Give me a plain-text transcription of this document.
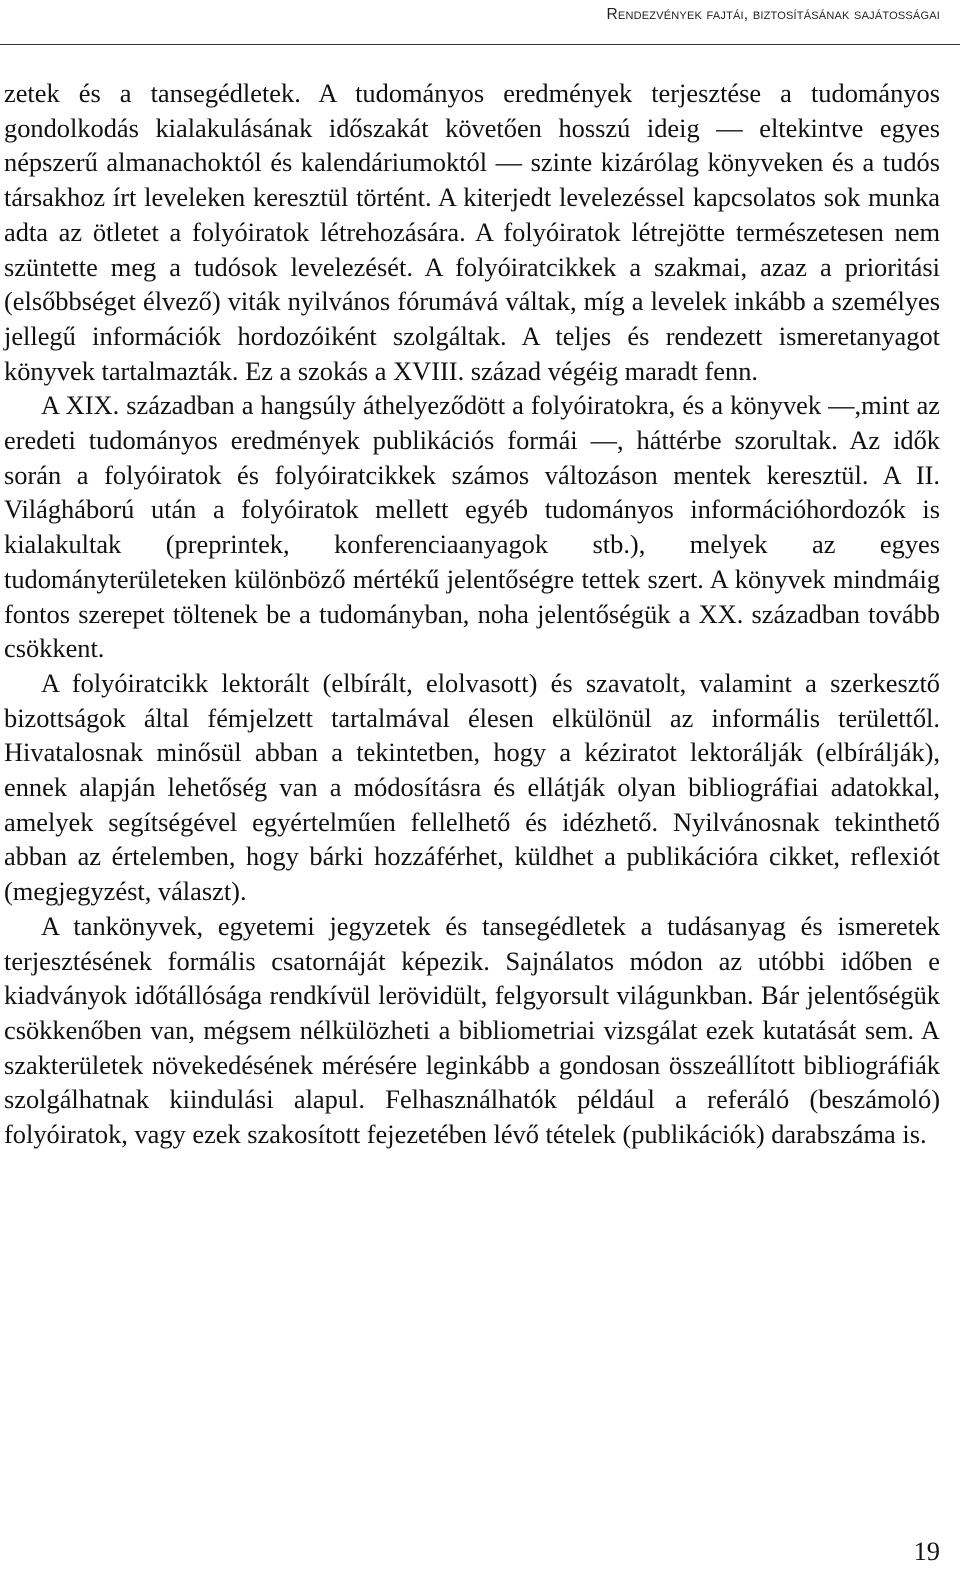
Rendezvények fajtái, biztosításának sajátosságai

zetek és a tansegédletek. A tudományos eredmények terjesztése a tudományos gondolkodás kialakulásának időszakát követően hosszú ideig — eltekintve egyes népszerű almanachoktól és kalendáriumoktól — szinte kizárólag könyveken és a tudós társakhoz írt leveleken keresztül történt. A kiterjedt levelezéssel kapcsolatos sok munka adta az ötletet a folyóiratok létrehozására. A folyóiratok létrejötte természetesen nem szüntette meg a tudósok levelezését. A folyóiratcikkek a szakmai, azaz a prioritási (elsőbbséget élvező) viták nyilvános fórumává váltak, míg a levelek inkább a személyes jellegű információk hordozóiként szolgáltak. A teljes és rendezett ismeretanyagot könyvek tartalmazták. Ez a szokás a XVIII. század végéig maradt fenn.

A XIX. században a hangsúly áthelyeződött a folyóiratokra, és a könyvek —,mint az eredeti tudományos eredmények publikációs formái —, háttérbe szorultak. Az idők során a folyóiratok és folyóiratcikkek számos változáson mentek keresztül. A II. Világháború után a folyóiratok mellett egyéb tudományos információhordozók is kialakultak (preprintek, konferenciaanyagok stb.), melyek az egyes tudományterületeken különböző mértékű jelentőségre tettek szert. A könyvek mindmáig fontos szerepet töltenek be a tudományban, noha jelentőségük a XX. században tovább csökkent.

A folyóiratcikk lektorált (elbírált, elolvasott) és szavatolt, valamint a szerkesztő bizottságok által fémjelzett tartalmával élesen elkülönül az informális területtől. Hivatalosnak minősül abban a tekintetben, hogy a kéziratot lektorálják (elbírálják), ennek alapján lehetőség van a módosításra és ellátják olyan bibliográfiai adatokkal, amelyek segítségével egyértelműen fellelhető és idézhető. Nyilvánosnak tekinthető abban az értelemben, hogy bárki hozzáférhet, küldhet a publikációra cikket, reflexiót (megjegyzést, választ).

A tankönyvek, egyetemi jegyzetek és tansegédletek a tudásanyag és ismeretek terjesztésének formális csatornáját képezik. Sajnálatos módon az utóbbi időben e kiadványok időtállósága rendkívül lerövidült, felgyorsult világunkban. Bár jelentőségük csökkenőben van, mégsem nélkülözheti a bibliometriai vizsgálat ezek kutatását sem. A szakterületek növekedésének mérésére leginkább a gondosan összeállított bibliográfiák szolgálhatnak kiindulási alapul. Felhasználhatók például a referáló (beszámoló) folyóiratok, vagy ezek szakosított fejezetében lévő tételek (publikációk) darabszáma is.

19
